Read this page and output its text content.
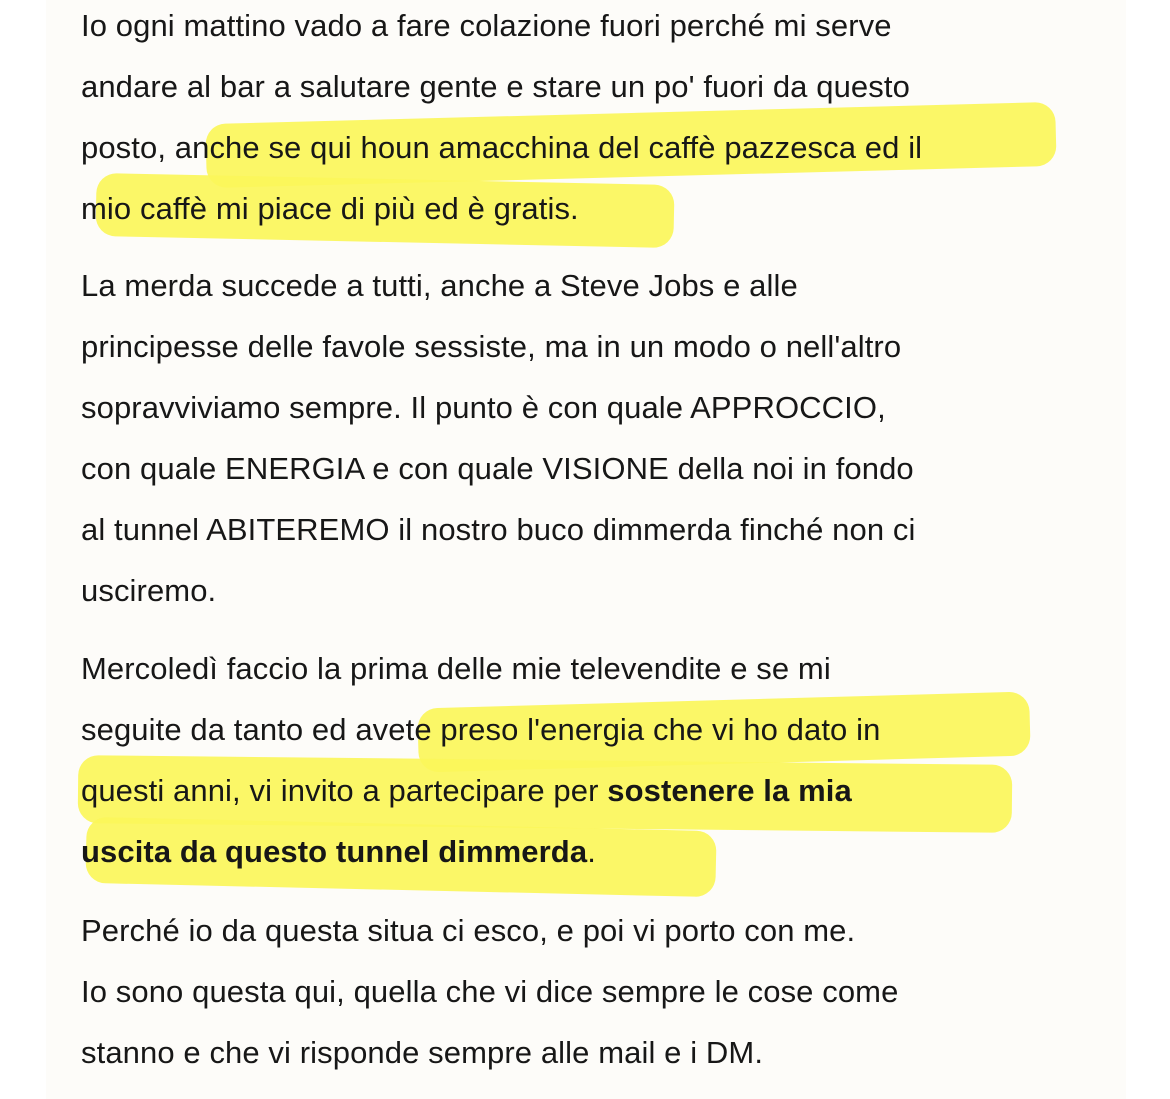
Io ogni mattino vado a fare colazione fuori perché mi serve
andare al bar a salutare gente e stare un po' fuori da questo
posto, anche se qui houn amacchina del caffè pazzesca ed il
mio caffè mi piace di più ed è gratis.

La merda succede a tutti, anche a Steve Jobs e alle
principesse delle favole sessiste, ma in un modo o nell'altro
sopravviviamo sempre. Il punto è con quale APPROCCIO,
con quale ENERGIA e con quale VISIONE della noi in fondo
al tunnel ABITEREMO il nostro buco dimmerda finché non ci
usciremo.

Mercoledì faccio la prima delle mie televendite e se mi
seguite da tanto ed avete preso l'energia che vi ho dato in
questi anni, vi invito a partecipare per sostenere la mia
uscita da questo tunnel dimmerda.

Perché io da questa situa ci esco, e poi vi porto con me.
Io sono questa qui, quella che vi dice sempre le cose come
stanno e che vi risponde sempre alle mail e i DM.
